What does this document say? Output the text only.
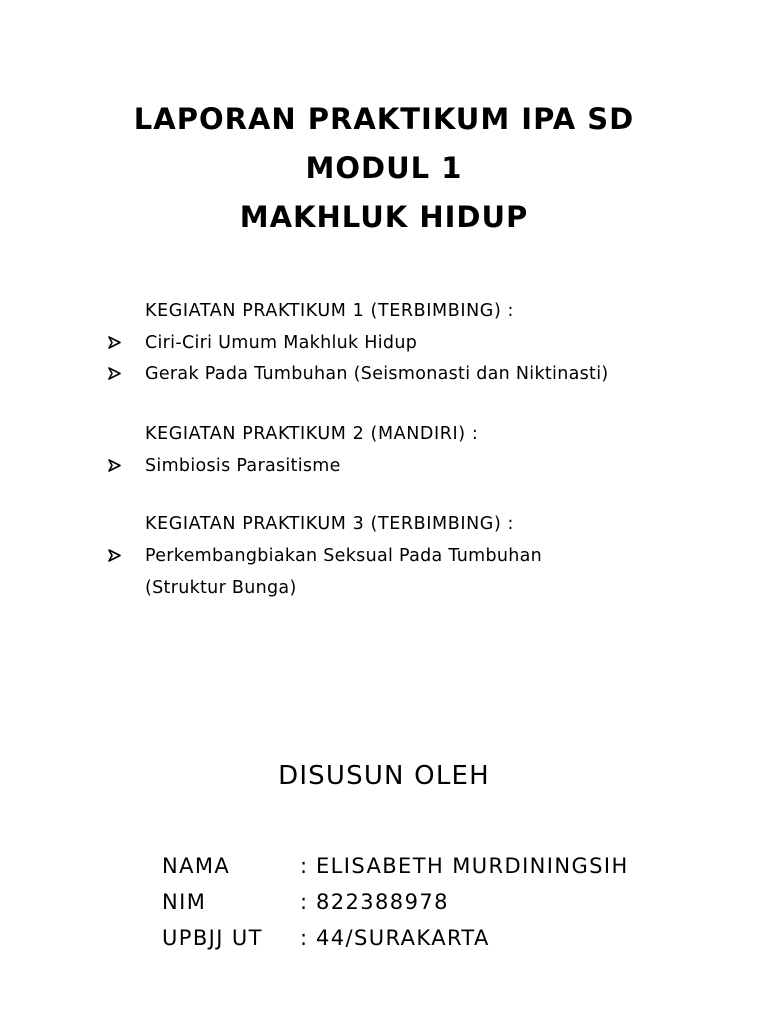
LAPORAN PRAKTIKUM IPA SD
MODUL 1
MAKHLUK HIDUP
KEGIATAN PRAKTIKUM 1 (TERBIMBING) :
Ciri-Ciri Umum Makhluk Hidup
Gerak Pada Tumbuhan (Seismonasti dan Niktinasti)
KEGIATAN PRAKTIKUM 2 (MANDIRI) :
Simbiosis Parasitisme
KEGIATAN PRAKTIKUM 3 (TERBIMBING) :
Perkembangbiakan Seksual Pada Tumbuhan
(Struktur Bunga)
DISUSUN OLEH
NAMA	: ELISABETH MURDININGSIH
NIM	: 822388978
UPBJJ UT : 44/SURAKARTA
